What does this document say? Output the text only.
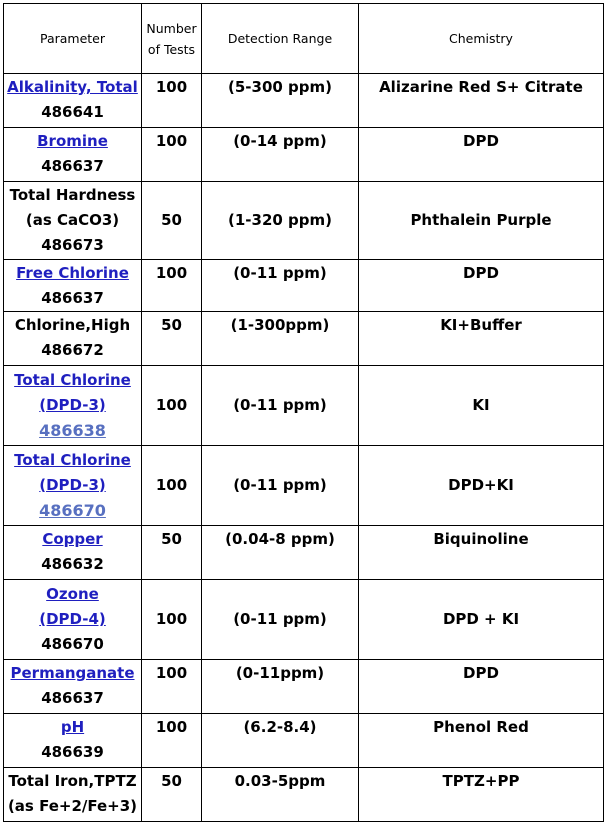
Parameter	Number
of Tests	Detection Range	Chemistry

Alkalinity, Total
486641	100	(5-300 ppm)	Alizarine Red S+ Citrate

Bromine
486637	100	(0-14 ppm)	DPD

Total Hardness
(as CaCO3)
486673	50	(1-320 ppm)	Phthalein Purple

Free Chlorine
486637	100	(0-11 ppm)	DPD

Chlorine,High
486672	50	(1-300ppm)	KI+Buffer

Total Chlorine
(DPD-3)
486638	100	(0-11 ppm)	KI

Total Chlorine
(DPD-3)
486670	100	(0-11 ppm)	DPD+KI

Copper
486632	50	(0.04-8 ppm)	Biquinoline

Ozone
(DPD-4)
486670	100	(0-11 ppm)	DPD + KI

Permanganate
486637	100	(0-11ppm)	DPD

pH
486639	100	(6.2-8.4)	Phenol Red

Total Iron,TPTZ
(as Fe+2/Fe+3)	50	0.03-5ppm	TPTZ+PP
